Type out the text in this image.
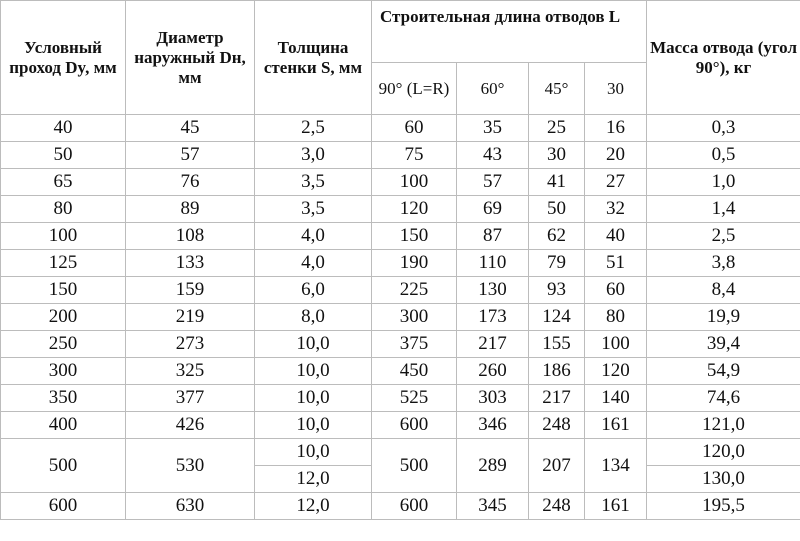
Условный проход Dy, мм	Диаметр наружный Dн, мм	Толщина стенки S, мм	Строительная длина отводов L				Масса отвода (угол 90°), кг
			90° (L=R)	60°	45°	30	
40	45	2,5	60	35	25	16	0,3
50	57	3,0	75	43	30	20	0,5
65	76	3,5	100	57	41	27	1,0
80	89	3,5	120	69	50	32	1,4
100	108	4,0	150	87	62	40	2,5
125	133	4,0	190	110	79	51	3,8
150	159	6,0	225	130	93	60	8,4
200	219	8,0	300	173	124	80	19,9
250	273	10,0	375	217	155	100	39,4
300	325	10,0	450	260	186	120	54,9
350	377	10,0	525	303	217	140	74,6
400	426	10,0	600	346	248	161	121,0
500	530	10,0	500	289	207	134	120,0
		12,0					130,0
600	630	12,0	600	345	248	161	195,5
